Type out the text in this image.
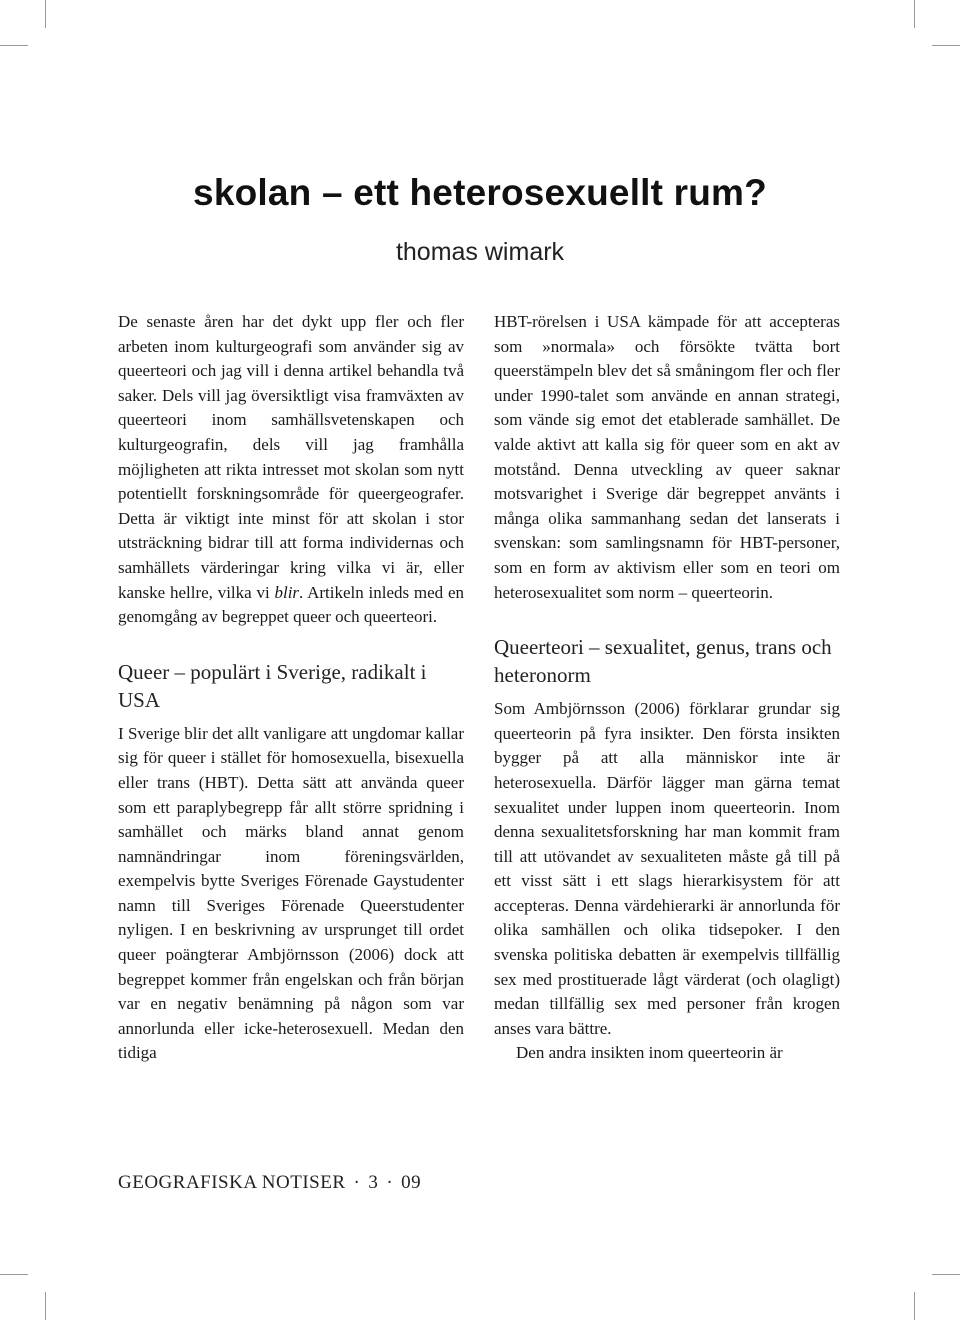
skolan – ett heterosexuellt rum?
thomas wimark

De senaste åren har det dykt upp fler och fler arbeten inom kulturgeografi som använder sig av queerteori och jag vill i denna artikel behandla två saker. Dels vill jag översiktligt visa framväxten av queerteori inom samhällsvetenskapen och kulturgeografin, dels vill jag framhålla möjligheten att rikta intresset mot skolan som nytt potentiellt forskningsområde för queergeografer. Detta är viktigt inte minst för att skolan i stor utsträckning bidrar till att forma individernas och samhällets värderingar kring vilka vi är, eller kanske hellre, vilka vi blir. Artikeln inleds med en genomgång av begreppet queer och queerteori.

Queer – populärt i Sverige, radikalt i USA

I Sverige blir det allt vanligare att ungdomar kallar sig för queer i stället för homosexuella, bisexuella eller trans (HBT). Detta sätt att använda queer som ett paraplybegrepp får allt större spridning i samhället och märks bland annat genom namnändringar inom föreningsvärlden, exempelvis bytte Sveriges Förenade Gaystudenter namn till Sveriges Förenade Queerstudenter nyligen. I en beskrivning av ursprunget till ordet queer poängterar Ambjörnsson (2006) dock att begreppet kommer från engelskan och från början var en negativ benämning på någon som var annorlunda eller icke-heterosexuell. Medan den tidiga

HBT-rörelsen i USA kämpade för att accepteras som »normala» och försökte tvätta bort queerstämpeln blev det så småningom fler och fler under 1990-talet som använde en annan strategi, som vände sig emot det etablerade samhället. De valde aktivt att kalla sig för queer som en akt av motstånd. Denna utveckling av queer saknar motsvarighet i Sverige där begreppet använts i många olika sammanhang sedan det lanserats i svenskan: som samlingsnamn för HBT-personer, som en form av aktivism eller som en teori om heterosexualitet som norm – queerteorin.

Queerteori – sexualitet, genus, trans och heteronorm

Som Ambjörnsson (2006) förklarar grundar sig queerteorin på fyra insikter. Den första insikten bygger på att alla människor inte är heterosexuella. Därför lägger man gärna temat sexualitet under luppen inom queerteorin. Inom denna sexualitetsforskning har man kommit fram till att utövandet av sexualiteten måste gå till på ett visst sätt i ett slags hierarkisystem för att accepteras. Denna värdehierarki är annorlunda för olika samhällen och olika tidsepoker. I den svenska politiska debatten är exempelvis tillfällig sex med prostituerade lågt värderat (och olagligt) medan tillfällig sex med personer från krogen anses vara bättre.

Den andra insikten inom queerteorin är

GEOGRAFISKA NOTISER · 3 · 09
